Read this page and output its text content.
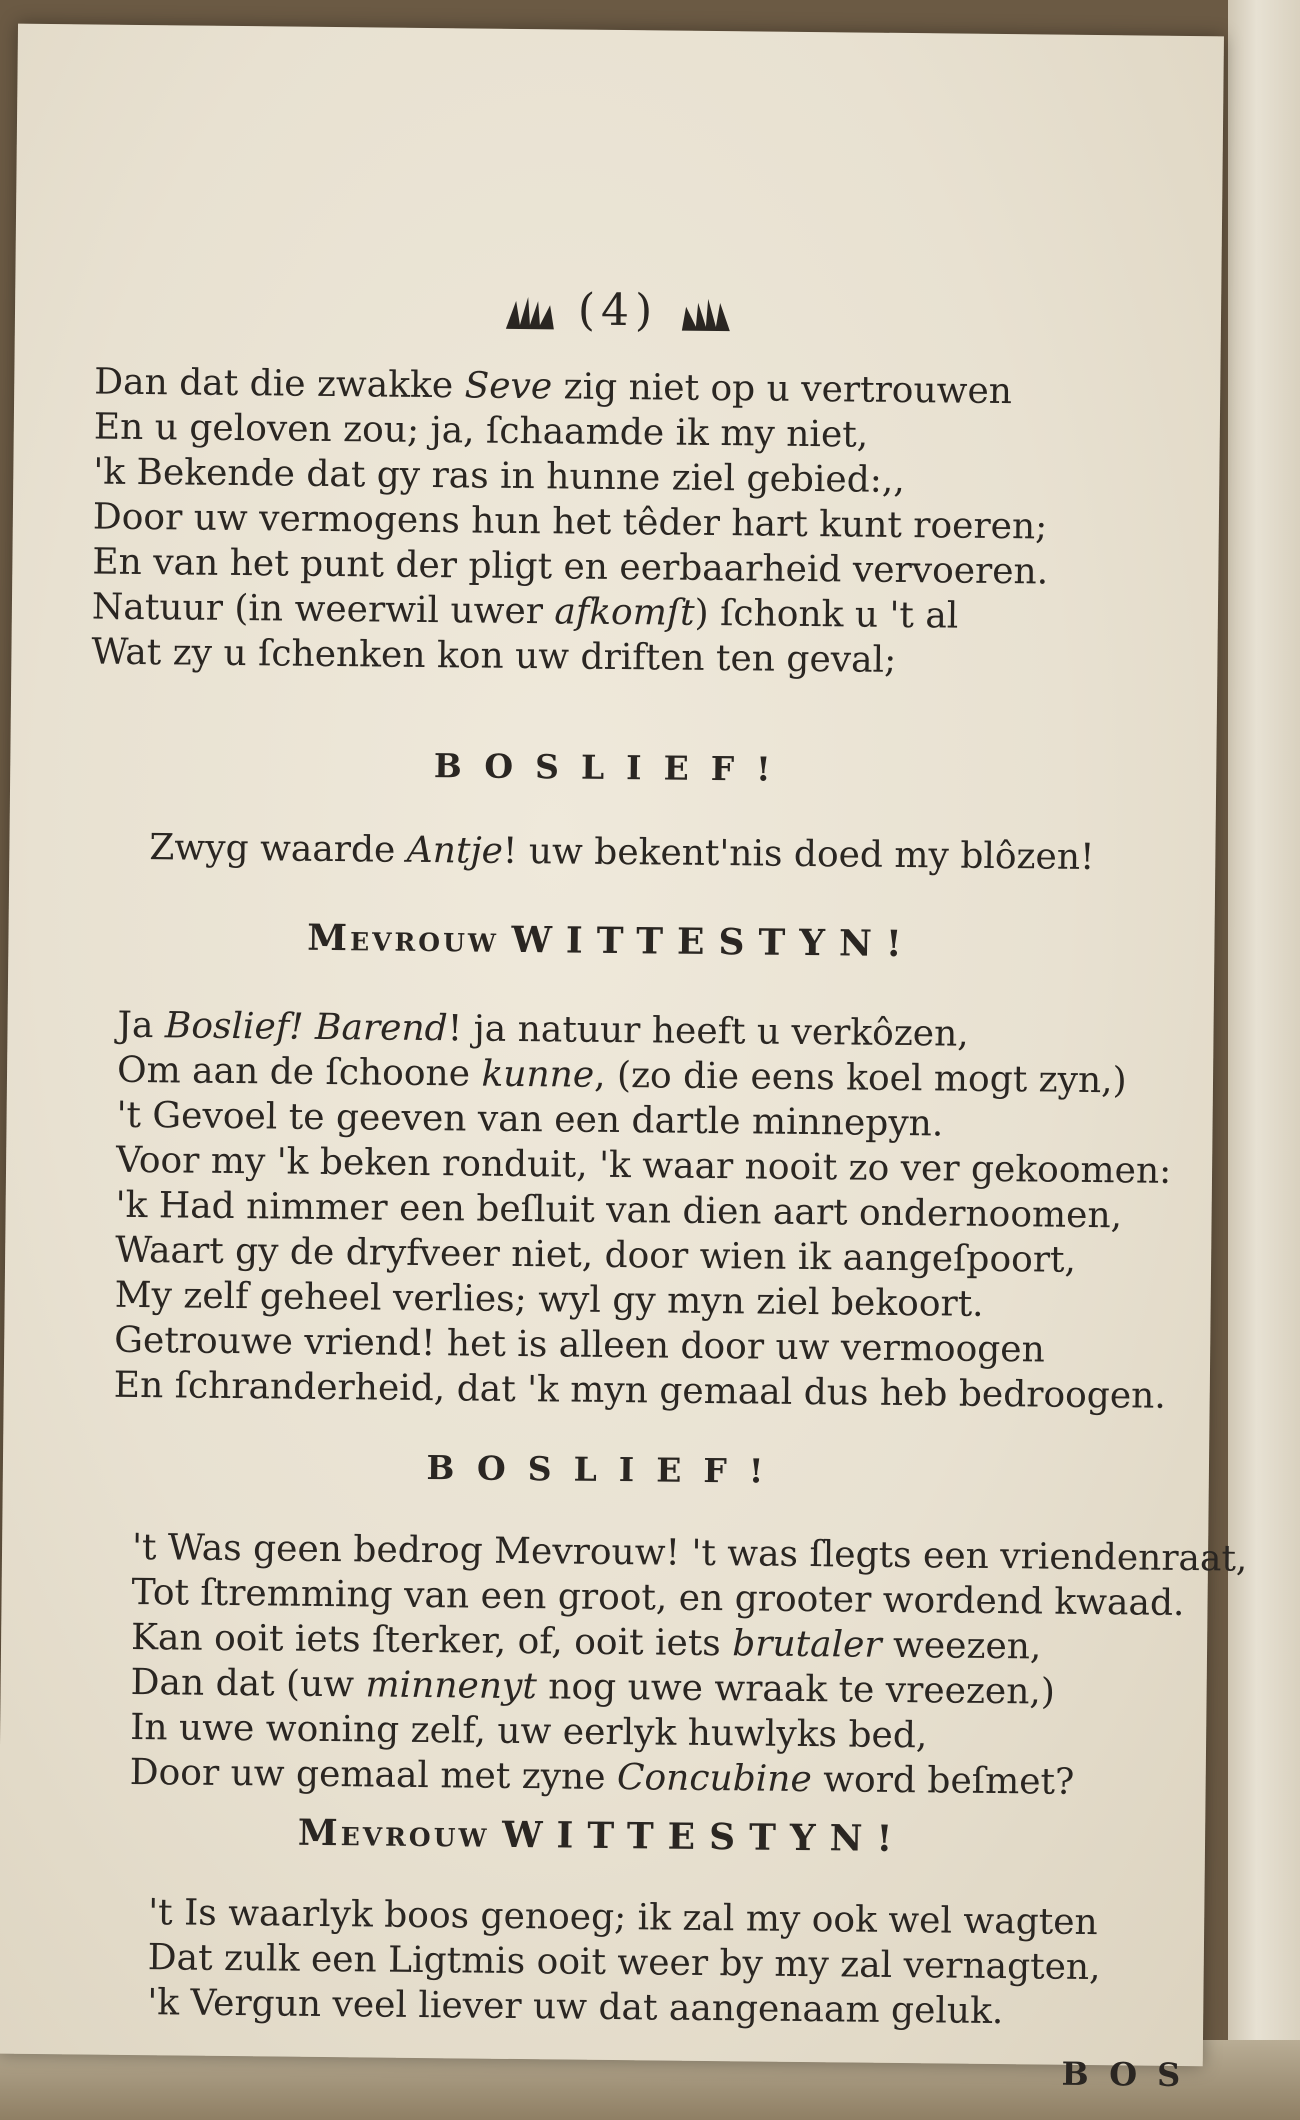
(4)
Dan dat die zwakke Seve zig niet op u vertrouwen
En u geloven zou; ja, ſchaamde ik my niet,
'k Bekende dat gy ras in hunne ziel gebied:,,
Door uw vermogens hun het têder hart kunt roeren;
En van het punt der pligt en eerbaarheid vervoeren.
Natuur (in weerwil uwer afkomſt) ſchonk u 't al
Wat zy u ſchenken kon uw driften ten geval;
BOSLIEF!
Zwyg waarde Antje! uw bekent'nis doed my blôzen!
Mevrouw WITTESTYN!
Ja Boslief! Barend! ja natuur heeft u verkôzen,
Om aan de ſchoone kunne, (zo die eens koel mogt zyn,)
't Gevoel te geeven van een dartle minnepyn.
Voor my 'k beken ronduit, 'k waar nooit zo ver gekoomen:
'k Had nimmer een beſluit van dien aart ondernoomen,
Waart gy de dryfveer niet, door wien ik aangeſpoort,
My zelf geheel verlies; wyl gy myn ziel bekoort.
Getrouwe vriend! het is alleen door uw vermoogen
En ſchranderheid, dat 'k myn gemaal dus heb bedroogen.
BOSLIEF!
't Was geen bedrog Mevrouw! 't was ſlegts een vriendenraat,
Tot ſtremming van een groot, en grooter wordend kwaad.
Kan ooit iets ſterker, of, ooit iets brutaler weezen,
Dan dat (uw minnenyt nog uwe wraak te vreezen,)
In uwe woning zelf, uw eerlyk huwlyks bed,
Door uw gemaal met zyne Concubine word beſmet?
Mevrouw WITTESTYN!
't Is waarlyk boos genoeg; ik zal my ook wel wagten
Dat zulk een Ligtmis ooit weer by my zal vernagten,
'k Vergun veel liever uw dat aangenaam geluk.
BOS
